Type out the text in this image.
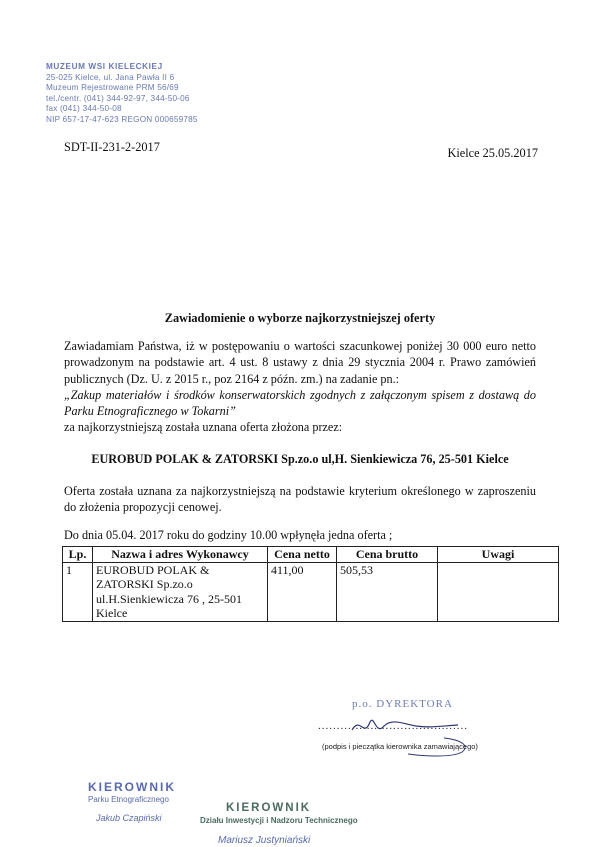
MUZEUM WSI KIELECKIEJ
25-025 Kielce, ul. Jana Pawła II 6
Muzeum Rejestrowane PRM 56/69
tel./centr. (041) 344-92-97, 344-50-06
fax (041) 344-50-08
NIP 657-17-47-623 REGON 000659785
SDT-II-231-2-2017	Kielce 25.05.2017
Zawiadomienie o wyborze najkorzystniejszej oferty
Zawiadamiam Państwa, iż w postępowaniu o wartości szacunkowej poniżej 30 000 euro netto prowadzonym na podstawie art. 4 ust. 8 ustawy z dnia 29 stycznia 2004 r. Prawo zamówień publicznych (Dz. U. z 2015 r., poz 2164 z późn. zm.) na zadanie pn.:
„Zakup materiałów i środków konserwatorskich zgodnych z załączonym spisem z dostawą do Parku Etnograficznego w Tokarni”
za najkorzystniejszą została uznana oferta złożona przez:
EUROBUD POLAK & ZATORSKI Sp.zo.o ul,H. Sienkiewicza 76, 25-501 Kielce
Oferta została uznana za najkorzystniejszą na podstawie kryterium określonego w zaproszeniu do złożenia propozycji cenowej.
Do dnia 05.04. 2017 roku do godziny 10.00 wpłynęła jedna oferta ;
Lp.	Nazwa i adres Wykonawcy	Cena netto	Cena brutto	Uwagi
1	EUROBUD POLAK &
ZATORSKI Sp.zo.o
ul.H.Sienkiewicza 76 , 25-501
Kielce	411,00	505,53	
p.o. DYREKTORA
........................................
(podpis i pieczątka kierownika zamawiającego)
KIEROWNIK
Parku Etnograficznego
Jakub Czapiński
KIEROWNIK
Działu Inwestycji i Nadzoru Technicznego
Mariusz Justyniański
